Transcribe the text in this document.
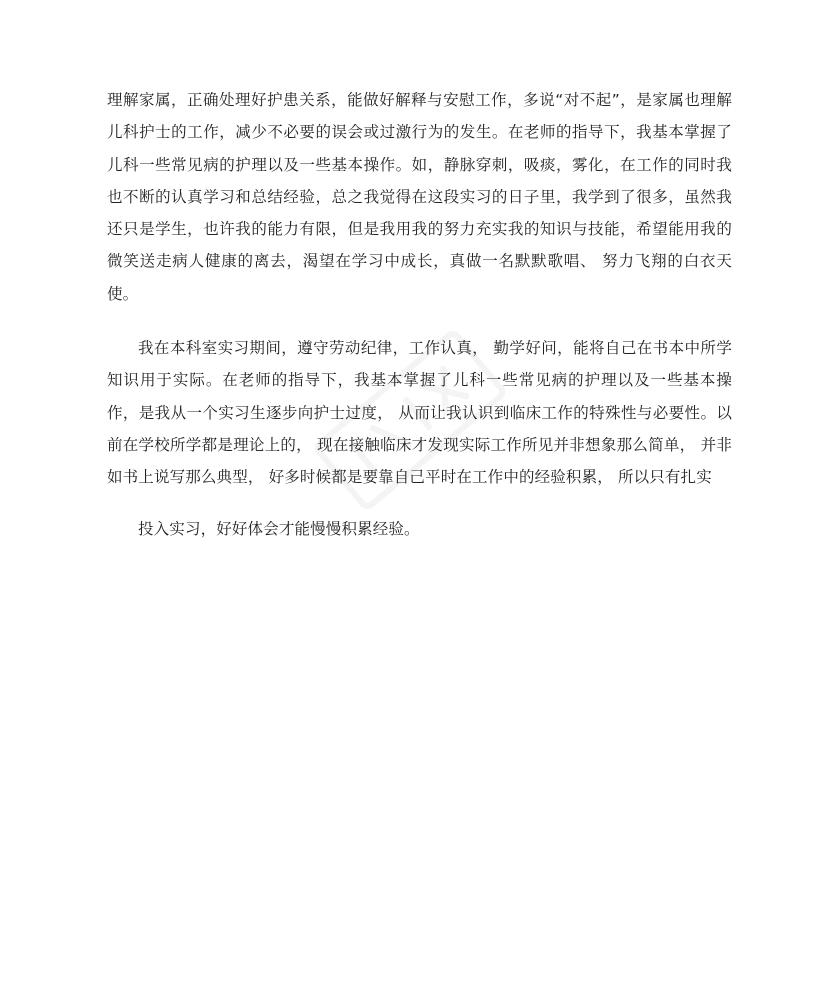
理解家属，正确处理好护患关系，能做好解释与安慰工作，多说“对不起”，是家属也理解儿科护士的工作，减少不必要的误会或过激行为的发生。在老师的指导下，我基本掌握了儿科一些常见病的护理以及一些基本操作。如，静脉穿刺，吸痰，雾化，在工作的同时我也不断的认真学习和总结经验，总之我觉得在这段实习的日子里，我学到了很多，虽然我还只是学生，也许我的能力有限，但是我用我的努力充实我的知识与技能，希望能用我的微笑送走病人健康的离去，渴望在学习中成长，真做一名默默歌唱、 努力飞翔的白衣天使。

我在本科室实习期间，遵守劳动纪律，工作认真， 勤学好问，能将自己在书本中所学知识用于实际。在老师的指导下，我基本掌握了儿科一些常见病的护理以及一些基本操作，是我从一个实习生逐步向护士过度， 从而让我认识到临床工作的特殊性与必要性。以前在学校所学都是理论上的， 现在接触临床才发现实际工作所见并非想象那么简单， 并非如书上说写那么典型， 好多时候都是要靠自己平时在工作中的经验积累， 所以只有扎实

投入实习，好好体会才能慢慢积累经验。
